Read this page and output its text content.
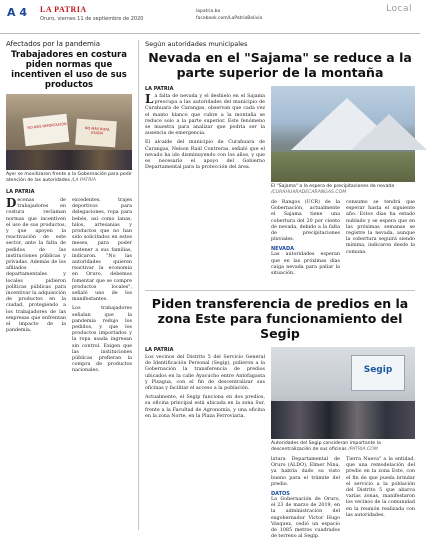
A 4 LA PATRIA
Oruro, viernes 11 de septiembre de 2020
lapatria.bo
facebook.com/LaPatriaBolivia
Local
Afectados por la pandemia
Trabajadores en costura piden normas que incentiven el uso de sus productos
NO MÁS IMPORTACIÓN	NO MÁS ROPA USADA
Ayer se movilizaron frente a la Gobernación para pedir atención de las autoridades /LA PATRIA
LA PATRIA

Decenas de trabajadores en costura reclaman normas que incentiven el uso de sus productos, y que apoyen la reactivación de este sector, ante la falta de pedidos de las instituciones públicas y privadas. Además de los afiliados departamentales y locales pidieron políticas públicas para incentivar la adquisición de productos en la ciudad, protegiendo a los trabajadores de las empresas que enfrentan el impacto de la pandemia.

excedentes, trajes deportivos para delegaciones, ropa para bebés, así como lanas, hilos, artesanías y productos que no han sido solicitados en estos meses, para poder sostener a sus familias, indicaron. "No las autoridades quieren reactivar la economía en Oruro, debemos fomentar que se compre productos locales", señaló uno de los manifestantes.

Los trabajadores señalan que la pandemia redujo los pedidos, y que los productos importados y la ropa usada ingresan sin control. Exigen que las instituciones públicas prefieran la compra de productos nacionales.

Según autoridades municipales
Nevada en el "Sajama" se reduce a la parte superior de la montaña
LA PATRIA

La falta de nevada y el deshielo en el Sajama preocupa a las autoridades del municipio de Curahuara de Carangas, observan que cada vez el manto blanco que cubre a la montaña se reduce solo a la parte superior. Este fenómeno se muestra para analizar que podría ser la ausencia de emergencia.

El alcalde del municipio de Curahuara de Carangas, Nelson Raúl Contreras, señaló que el nevado ha ido disminuyendo con los años, y que es necesario el apoyo del Gobierno Departamental para la protección del área.

El "Sajama" a la espera de precipitaciones de nevada /CURAHUARADECARANGAS.COM

de Rangos (UCR) de la Gobernación, actualmente el Sajama tiene una cobertura del 20 por ciento de nevada, debido a la falta de precipitaciones pluviales.

NEVADA

Las autoridades esperan que en las próximas días caiga nevada para paliar la situación.

consumo se tendrá que esperar hasta el siguiente año. Estos días ha estado nublado y se espera que en las próximas semanas se registre la nevada, aunque la cobertura seguirá siendo mínima, indicaron desde la comuna.

Piden transferencia de predios en la zona Este para funcionamiento del Segip
LA PATRIA

Los vecinos del Distrito 5 del Servicio General de Identificación Personal (Segip), pidieron a la Gobernación la transferencia de predios ubicados en la calle Ayacucho entre Antofagasta y Pisagua, con el fin de descentralizar sus oficinas y facilitar el acceso a la población.

Actualmente, el Segip funciona en dos predios, su oficina principal está ubicada en la zona Sur, frente a la Facultad de Agronomía, y una oficina en la zona Norte, en la Plaza Ferroviaria.

Segip
Autoridades del Segip consideran importante la descentralización de sus oficinas /PATRIA.COM

latura Departamental de Oruro (ALDO), Elmer Nina, ya habría dado su visto bueno para el trámite del predio.

DATOS

La Gobernación de Oruro, el 23 de marzo de 2019, en la administración del exgobernador Víctor Hugo Vásquez, cedió un espacio de 1085 metros cuadrados de terreno al Segip.

Tierra Nueva" a la entidad, que una remodelación del predio en la zona Este, con el fin de que pueda brindar el servicio a la población del Distrito 5 que abarca varias zonas, manifestaron los vecinos de la comunidad en la reunión realizada con las autoridades.
